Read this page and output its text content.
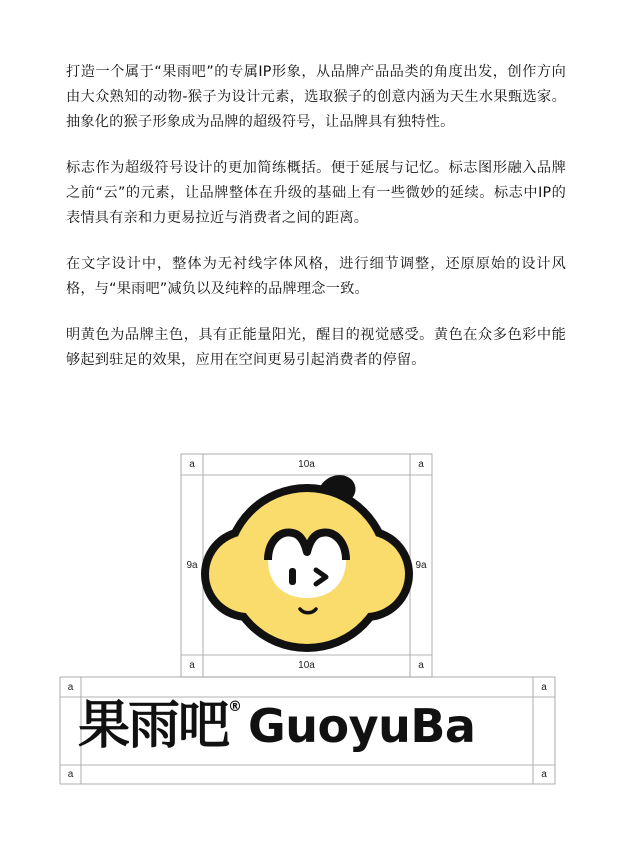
打造一个属于“果雨吧”的专属IP形象，从品牌产品品类的角度出发，创作方向由大众熟知的动物-猴子为设计元素，选取猴子的创意内涵为天生水果甄选家。抽象化的猴子形象成为品牌的超级符号，让品牌具有独特性。

标志作为超级符号设计的更加简练概括。便于延展与记忆。标志图形融入品牌之前“云”的元素，让品牌整体在升级的基础上有一些微妙的延续。标志中IP的表情具有亲和力更易拉近与消费者之间的距离。

在文字设计中，整体为无衬线字体风格，进行细节调整，还原原始的设计风格，与“果雨吧”减负以及纯粹的品牌理念一致。

明黄色为品牌主色，具有正能量阳光，醒目的视觉感受。黄色在众多色彩中能够起到驻足的效果，应用在空间更易引起消费者的停留。

a	10a	a
9a	9a
a	10a	a
a	a
a	a
果雨吧® GuoyuBa
